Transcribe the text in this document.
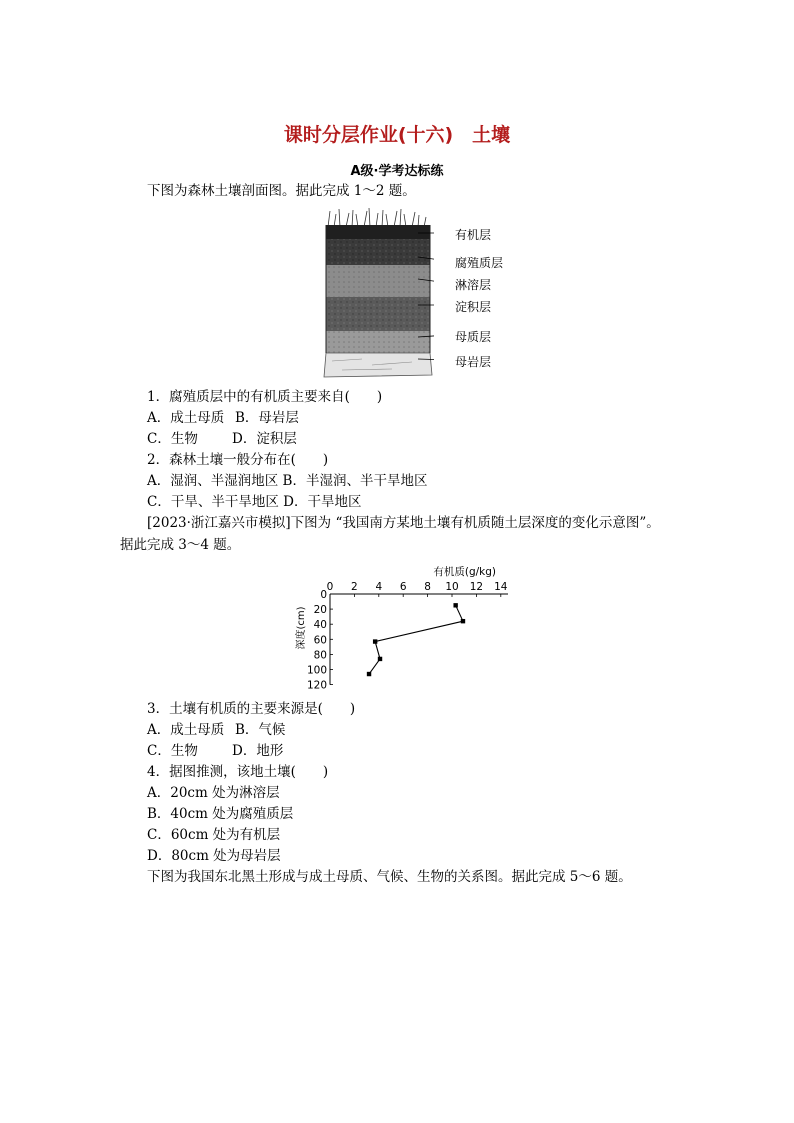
课时分层作业(十六)　土壤
A级·学考达标练
下图为森林土壤剖面图。据此完成 1～2 题。
有机层
腐殖质层
淋溶层
淀积层
母质层
母岩层
1．腐殖质层中的有机质主要来自(　　)
A．成土母质 B．母岩层
C．生物	D．淀积层
2．森林土壤一般分布在(　　)
A．湿润、半湿润地区 B．半湿润、半干旱地区
C．干旱、半干旱地区 D．干旱地区
[2023·浙江嘉兴市模拟]下图为 “我国南方某地土壤有机质随土层深度的变化示意图”。
据此完成 3～4 题。
有机质(g/kg)
深度(cm)
0 2 4 6 8 10 12 14
0
20
40
60
80
100
120
3．土壤有机质的主要来源是(　　)
A．成土母质 B．气候
C．生物	D．地形
4．据图推测，该地土壤(　　)
A．20cm 处为淋溶层
B．40cm 处为腐殖质层
C．60cm 处为有机层
D．80cm 处为母岩层
下图为我国东北黑土形成与成土母质、气候、生物的关系图。据此完成 5～6 题。
